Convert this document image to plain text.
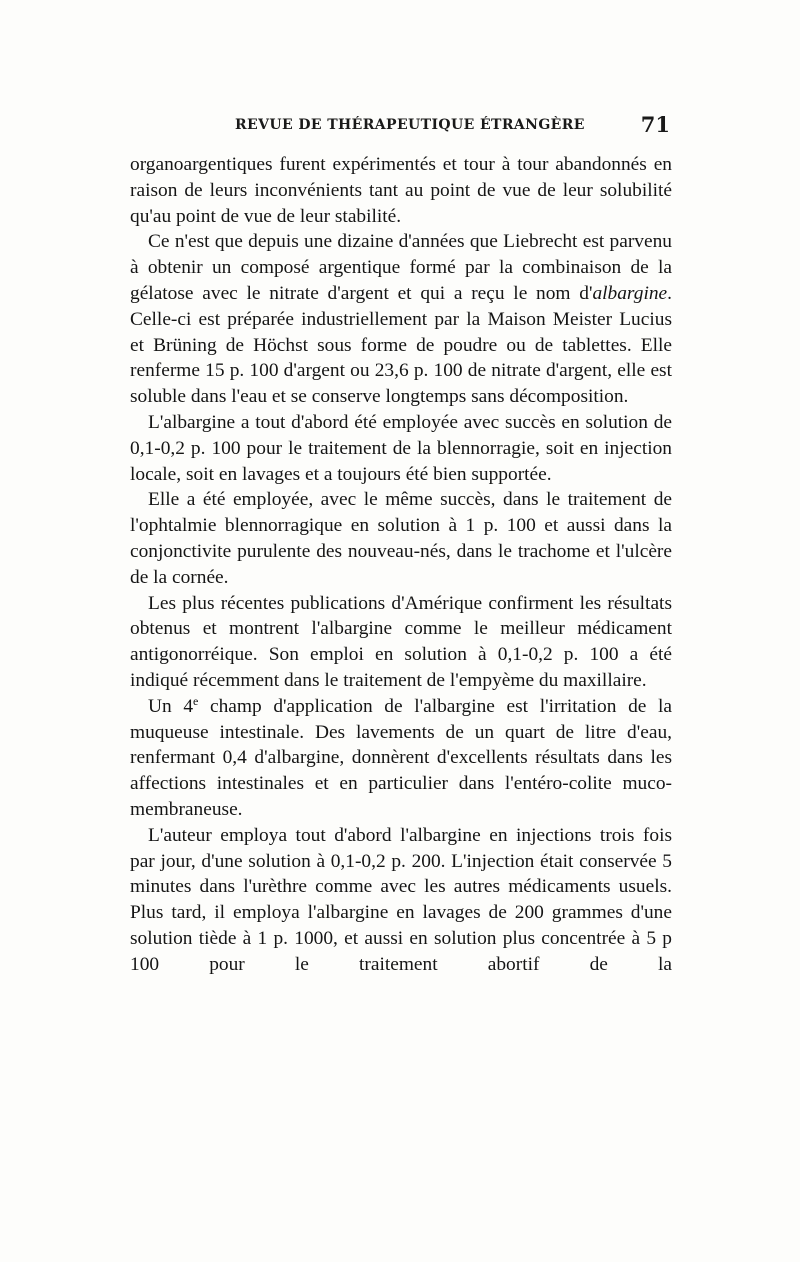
REVUE DE THÉRAPEUTIQUE ÉTRANGÈRE	71

organoargentiques furent expérimentés et tour à tour abandonnés en raison de leurs inconvénients tant au point de vue de leur solubilité qu'au point de vue de leur stabilité.

Ce n'est que depuis une dizaine d'années que Liebrecht est parvenu à obtenir un composé argentique formé par la combinaison de la gélatose avec le nitrate d'argent et qui a reçu le nom d'albargine. Celle-ci est préparée industriellement par la Maison Meister Lucius et Brüning de Höchst sous forme de poudre ou de tablettes. Elle renferme 15 p. 100 d'argent ou 23,6 p. 100 de nitrate d'argent, elle est soluble dans l'eau et se conserve longtemps sans décomposition.

L'albargine a tout d'abord été employée avec succès en solution de 0,1-0,2 p. 100 pour le traitement de la blennorragie, soit en injection locale, soit en lavages et a toujours été bien supportée.

Elle a été employée, avec le même succès, dans le traitement de l'ophtalmie blennorragique en solution à 1 p. 100 et aussi dans la conjonctivite purulente des nouveau-nés, dans le trachome et l'ulcère de la cornée.

Les plus récentes publications d'Amérique confirment les résultats obtenus et montrent l'albargine comme le meilleur médicament antigonorréique. Son emploi en solution à 0,1-0,2 p. 100 a été indiqué récemment dans le traitement de l'empyème du maxillaire.

Un 4e champ d'application de l'albargine est l'irritation de la muqueuse intestinale. Des lavements de un quart de litre d'eau, renfermant 0,4 d'albargine, donnèrent d'excellents résultats dans les affections intestinales et en particulier dans l'entéro-colite muco-membraneuse.

L'auteur employa tout d'abord l'albargine en injections trois fois par jour, d'une solution à 0,1-0,2 p. 200. L'injection était conservée 5 minutes dans l'urèthre comme avec les autres médicaments usuels. Plus tard, il employa l'albargine en lavages de 200 grammes d'une solution tiède à 1 p. 1000, et aussi en solution plus concentrée à 5 p 100 pour le traitement abortif de la
